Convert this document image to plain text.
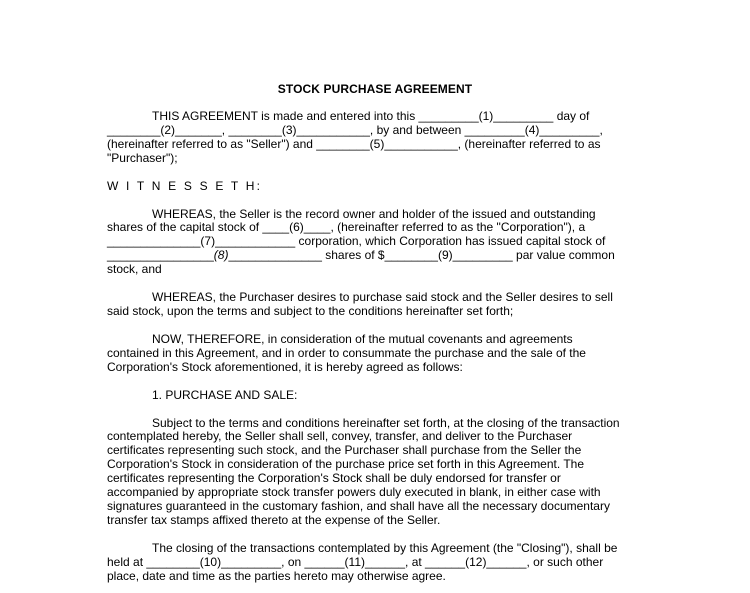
STOCK PURCHASE AGREEMENT

THIS AGREEMENT is made and entered into this _________(1)_________ day of

________(2)_______, ________(3)___________, by and between _________(4)_________,
(hereinafter referred to as "Seller") and ________(5)___________, (hereinafter referred to as
"Purchaser");

W I T N E S S E T H:

WHEREAS, the Seller is the record owner and holder of the issued and outstanding

shares of the capital stock of ____(6)____, (hereinafter referred to as the "Corporation"), a
______________(7)____________ corporation, which Corporation has issued capital stock of
________________(8)______________ shares of $________(9)_________ par value common
stock, and

WHEREAS, the Purchaser desires to purchase said stock and the Seller desires to sell

said stock, upon the terms and subject to the conditions hereinafter set forth;

NOW, THEREFORE, in consideration of the mutual covenants and agreements

contained in this Agreement, and in order to consummate the purchase and the sale of the
Corporation's Stock aforementioned, it is hereby agreed as follows:

1. PURCHASE AND SALE:

Subject to the terms and conditions hereinafter set forth, at the closing of the transaction

contemplated hereby, the Seller shall sell, convey, transfer, and deliver to the Purchaser
certificates representing such stock, and the Purchaser shall purchase from the Seller the
Corporation's Stock in consideration of the purchase price set forth in this Agreement. The
certificates representing the Corporation's Stock shall be duly endorsed for transfer or
accompanied by appropriate stock transfer powers duly executed in blank, in either case with
signatures guaranteed in the customary fashion, and shall have all the necessary documentary
transfer tax stamps affixed thereto at the expense of the Seller.

The closing of the transactions contemplated by this Agreement (the "Closing"), shall be

held at ________(10)_________, on ______(11)______, at ______(12)______, or such other
place, date and time as the parties hereto may otherwise agree.
